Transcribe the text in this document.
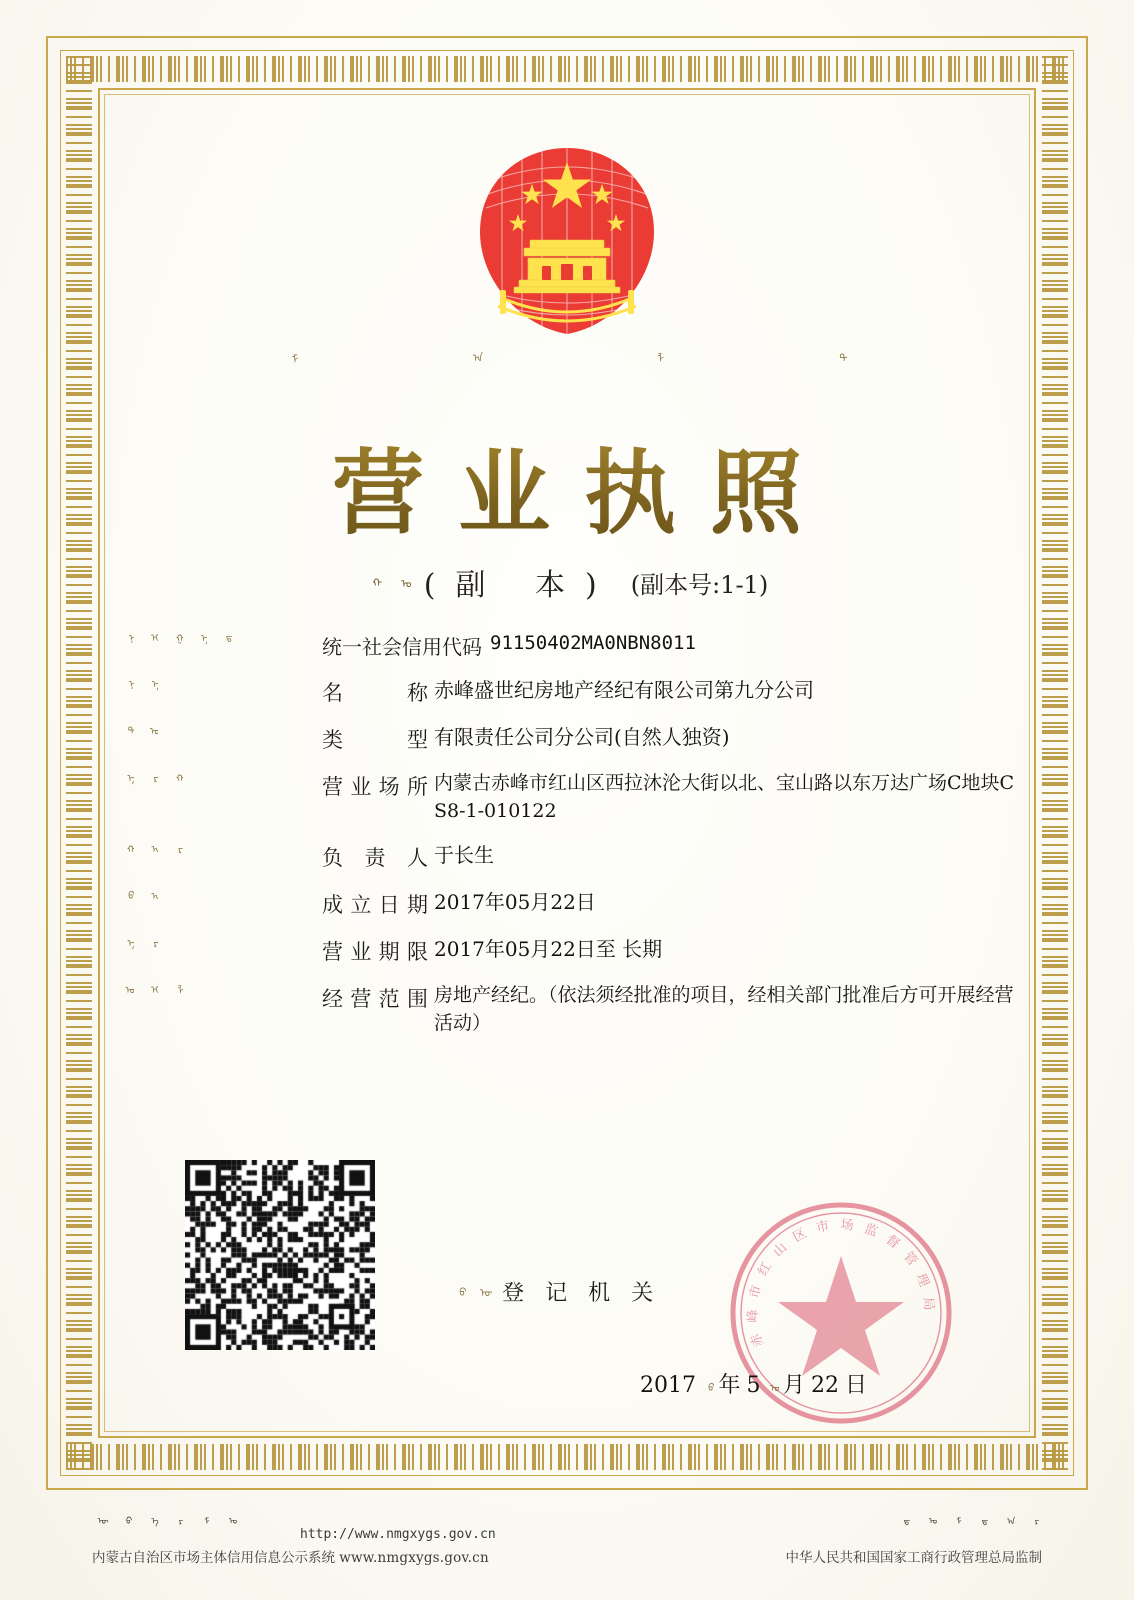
ᠮ	ᠠ	ᠯ	ᠲ
营业执照
ᠬ ᠣ (副 本) (副本号:1-1)
ᠨ ᠢ ᠭ ᠡ ᠳ	统一社会信用代码 91150402MA0NBN8011
ᠨ ᠡ	名　称 赤峰盛世纪房地产经纪有限公司第九分公司
ᠲ ᠥ	类　型 有限责任公司分公司(自然人独资)
ᠡ ᠷ ᠬ	营业场所 内蒙古赤峰市红山区西拉沐沦大街以北、宝山路以东万达广场C地块CS8-1-010122
ᠬ ᠠ ᠷ	负责人 于长生
ᠪ ᠠ	成立日期 2017年05月22日
ᠡ ᠷ	营业期限 2017年05月22日至 长期
ᠦ ᠢ ᠯ	经营范围 房地产经纪。（依法须经批准的项目，经相关部门批准后方可开展经营活动）
ᠪ ᠦ 登 记 机 关
赤
峰
市
红
山
区 市 场 监
督
管
理
局
2017 ᠪ 年 5 ᠦ 月 22 日
http://www.nmgxygs.gov.cn
ᠥ	ᠪ	ᠡ	ᠷ	ᠮ	ᠣ
内蒙古自治区市场主体信用信息公示系统 www.nmgxygs.gov.cn
ᠳ	ᠤ	ᠮ	ᠳ	ᠠ	ᠷ
中华人民共和国国家工商行政管理总局监制
